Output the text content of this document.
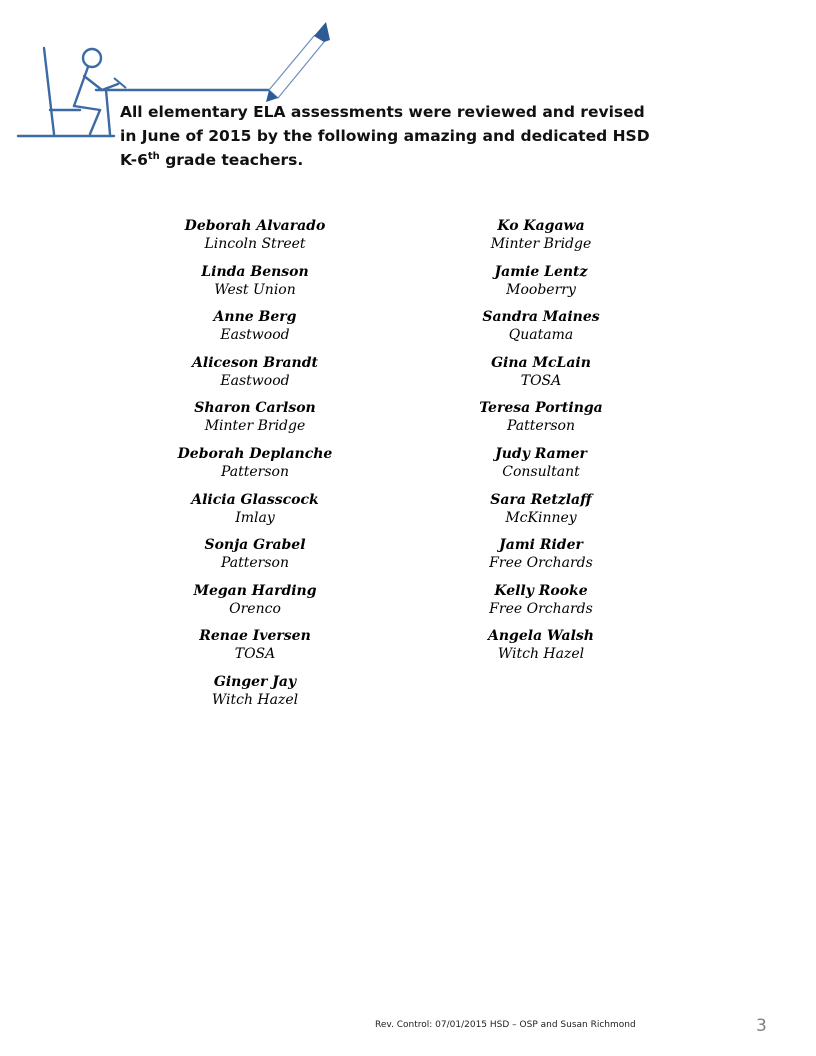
All elementary ELA assessments were reviewed and revised in June of 2015 by the following amazing and dedicated HSD K-6th grade teachers.
Deborah Alvarado
Lincoln Street
Linda Benson
West Union
Anne Berg
Eastwood
Aliceson Brandt
Eastwood
Sharon Carlson
Minter Bridge
Deborah Deplanche
Patterson
Alicia Glasscock
Imlay
Sonja Grabel
Patterson
Megan Harding
Orenco
Renae Iversen
TOSA
Ginger Jay
Witch Hazel
Ko Kagawa
Minter Bridge
Jamie Lentz
Mooberry
Sandra Maines
Quatama
Gina McLain
TOSA
Teresa Portinga
Patterson
Judy Ramer
Consultant
Sara Retzlaff
McKinney
Jami Rider
Free Orchards
Kelly Rooke
Free Orchards
Angela Walsh
Witch Hazel
Rev. Control: 07/01/2015 HSD – OSP and Susan Richmond	3
